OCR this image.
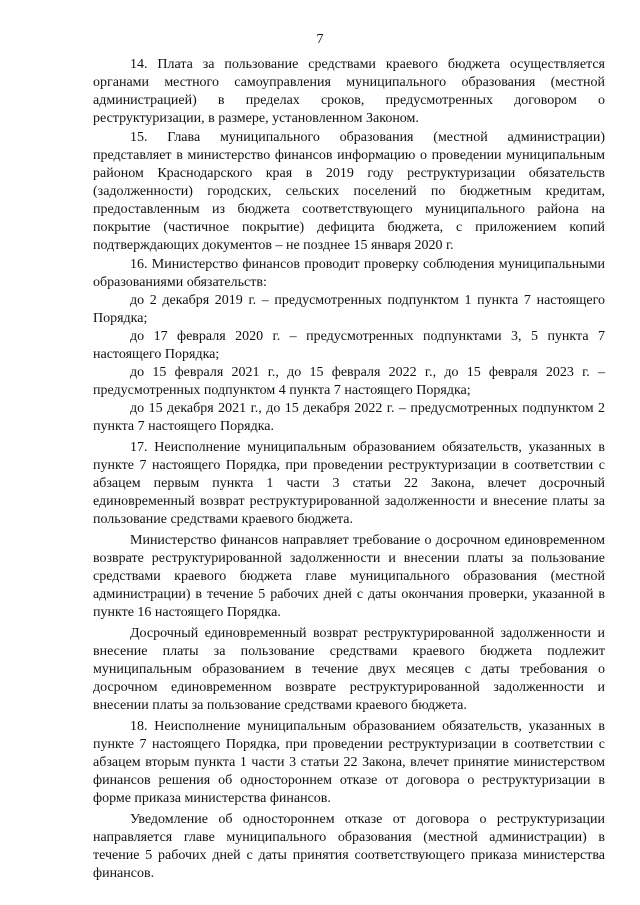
7

14. Плата за пользование средствами краевого бюджета осуществляется органами местного самоуправления муниципального образования (местной администрацией) в пределах сроков, предусмотренных договором о реструктуризации, в размере, установленном Законом.

15. Глава муниципального образования (местной администрации) представляет в министерство финансов информацию о проведении муниципальным районом Краснодарского края в 2019 году реструктуризации обязательств (задолженности) городских, сельских поселений по бюджетным кредитам, предоставленным из бюджета соответствующего муниципального района на покрытие (частичное покрытие) дефицита бюджета, с приложением копий подтверждающих документов – не позднее 15 января 2020 г.

16. Министерство финансов проводит проверку соблюдения муниципальными образованиями обязательств:

до 2 декабря 2019 г. – предусмотренных подпунктом 1 пункта 7 настоящего Порядка;

до 17 февраля 2020 г. – предусмотренных подпунктами 3, 5 пункта 7 настоящего Порядка;

до 15 февраля 2021 г., до 15 февраля 2022 г., до 15 февраля 2023 г. – предусмотренных подпунктом 4 пункта 7 настоящего Порядка;

до 15 декабря 2021 г., до 15 декабря 2022 г. – предусмотренных подпунктом 2 пункта 7 настоящего Порядка.

17. Неисполнение муниципальным образованием обязательств, указанных в пункте 7 настоящего Порядка, при проведении реструктуризации в соответствии с абзацем первым пункта 1 части 3 статьи 22 Закона, влечет досрочный единовременный возврат реструктурированной задолженности и внесение платы за пользование средствами краевого бюджета.

Министерство финансов направляет требование о досрочном единовременном возврате реструктурированной задолженности и внесении платы за пользование средствами краевого бюджета главе муниципального образования (местной администрации) в течение 5 рабочих дней с даты окончания проверки, указанной в пункте 16 настоящего Порядка.

Досрочный единовременный возврат реструктурированной задолженности и внесение платы за пользование средствами краевого бюджета подлежит муниципальным образованием в течение двух месяцев с даты требования о досрочном единовременном возврате реструктурированной задолженности и внесении платы за пользование средствами краевого бюджета.

18. Неисполнение муниципальным образованием обязательств, указанных в пункте 7 настоящего Порядка, при проведении реструктуризации в соответствии с абзацем вторым пункта 1 части 3 статьи 22 Закона, влечет принятие министерством финансов решения об одностороннем отказе от договора о реструктуризации в форме приказа министерства финансов.

Уведомление об одностороннем отказе от договора о реструктуризации направляется главе муниципального образования (местной администрации) в течение 5 рабочих дней с даты принятия соответствующего приказа министерства финансов.
